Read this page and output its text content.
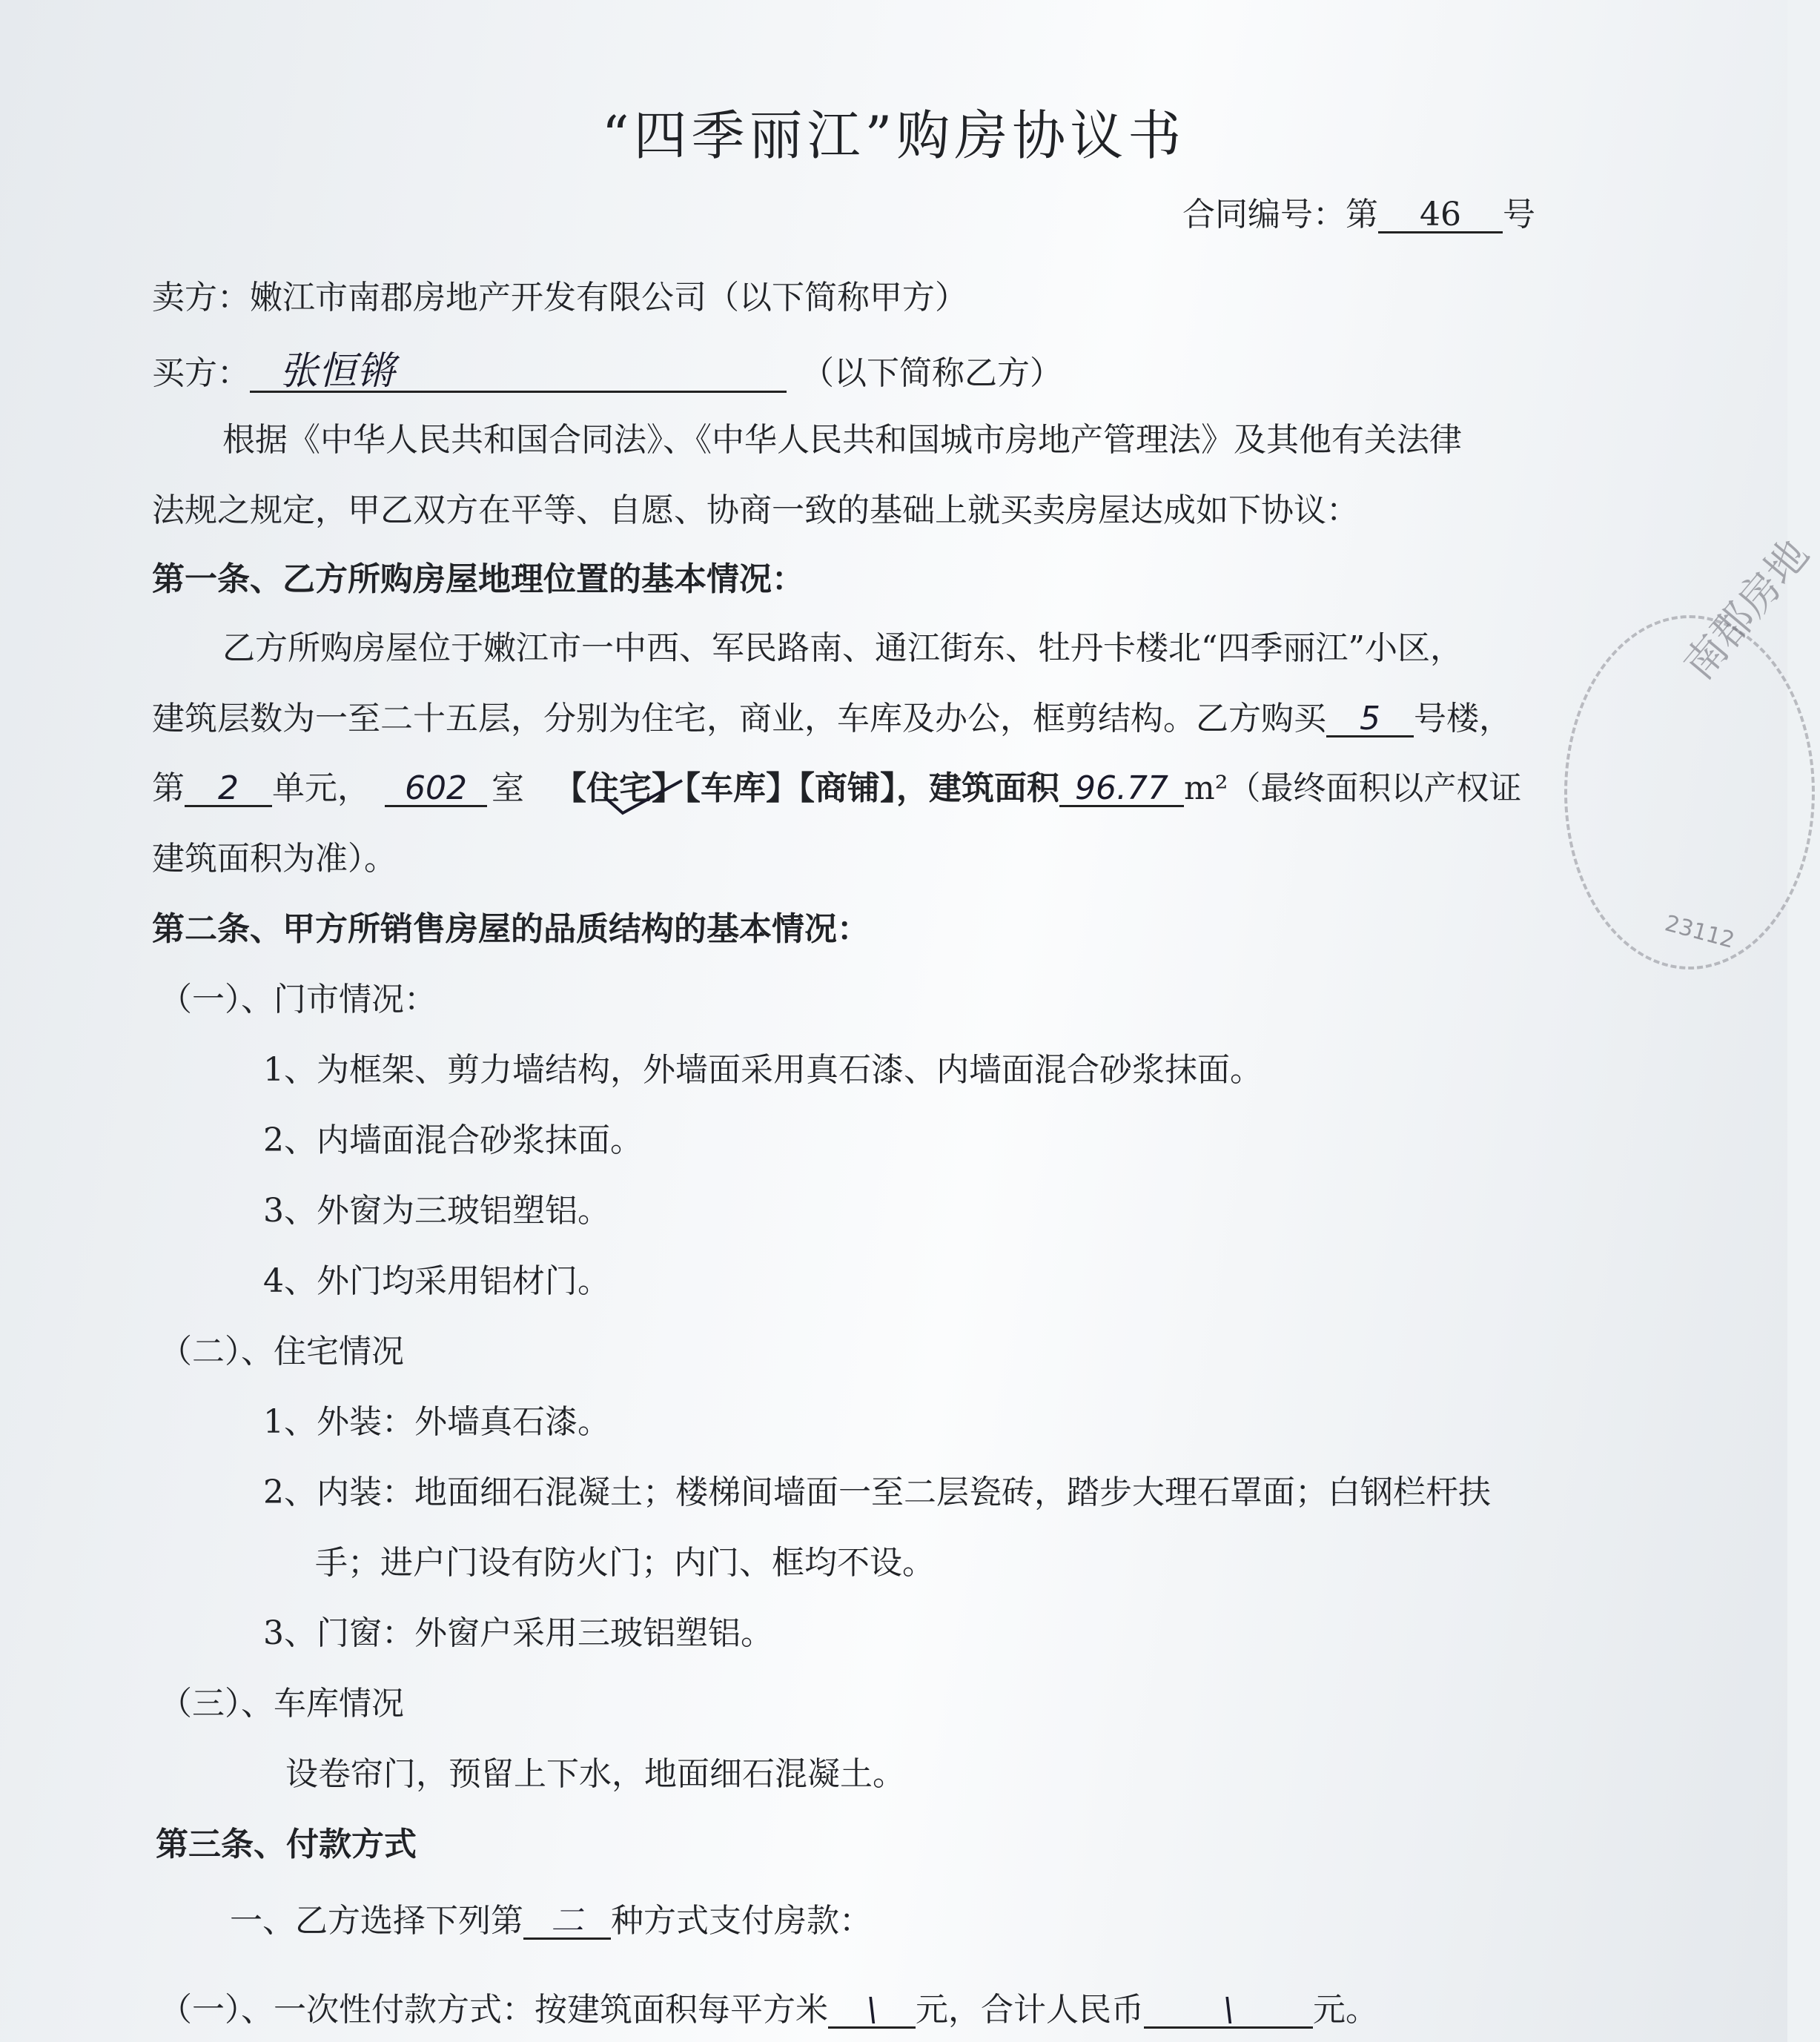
“四季丽江”购房协议书
合同编号：第 46 号
卖方：嫩江市南郡房地产开发有限公司（以下简称甲方）
买方： 张恒锵	（以下简称乙方）
根据《中华人民共和国合同法》、《中华人民共和国城市房地产管理法》及其他有关法律
法规之规定，甲乙双方在平等、自愿、协商一致的基础上就买卖房屋达成如下协议：
第一条、乙方所购房屋地理位置的基本情况：
乙方所购房屋位于嫩江市一中西、军民路南、通江街东、牡丹卡楼北“四季丽江”小区，
建筑层数为一至二十五层，分别为住宅，商业，车库及办公，框剪结构。乙方购买 5 号楼，
第 2 单元， 602 室 【住宅】【车库】【商铺】，建筑面积 96.77 m²（最终面积以产权证
建筑面积为准）。
第二条、甲方所销售房屋的品质结构的基本情况：
（一）、门市情况：
1、为框架、剪力墙结构，外墙面采用真石漆、内墙面混合砂浆抹面。
2、内墙面混合砂浆抹面。
3、外窗为三玻铝塑铝。
4、外门均采用铝材门。
（二）、住宅情况
1、外装：外墙真石漆。
2、内装：地面细石混凝土；楼梯间墙面一至二层瓷砖，踏步大理石罩面；白钢栏杆扶
手；进户门设有防火门；内门、框均不设。
3、门窗：外窗户采用三玻铝塑铝。
（三）、车库情况
设卷帘门，预留上下水，地面细石混凝土。
第三条、付款方式
一、乙方选择下列第 二 种方式支付房款：
（一）、一次性付款方式：按建筑面积每平方米 \ 元，合计人民币 \ 元。
南郡房地
23112
